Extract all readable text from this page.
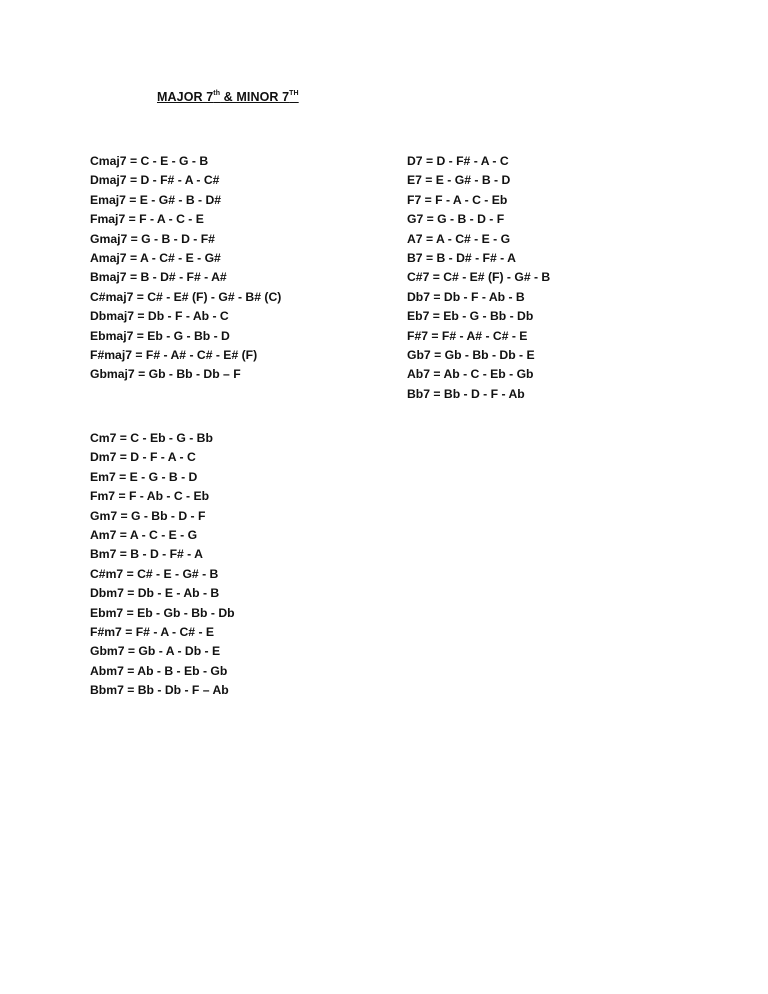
MAJOR 7th & MINOR 7TH
Cmaj7 = C - E - G - B
Dmaj7 = D - F# - A - C#
Emaj7 = E - G# - B - D#
Fmaj7 = F - A - C - E
Gmaj7 = G - B - D - F#
Amaj7 = A - C# - E - G#
Bmaj7 = B - D# - F# - A#
C#maj7 = C# - E# (F) - G# - B# (C)
Dbmaj7 = Db - F - Ab - C
Ebmaj7 = Eb - G - Bb - D
F#maj7 = F# - A# - C# - E# (F)
Gbmaj7 = Gb - Bb - Db – F
D7 = D - F# - A - C
E7 = E - G# - B - D
F7 = F - A - C - Eb
G7 = G - B - D - F
A7 = A - C# - E - G
B7 = B - D# - F# - A
C#7 = C# - E# (F) - G# - B
Db7 = Db - F - Ab - B
Eb7 = Eb - G - Bb - Db
F#7 = F# - A# - C# - E
Gb7 = Gb - Bb - Db - E
Ab7 = Ab - C - Eb - Gb
Bb7 = Bb - D - F - Ab
Cm7 = C - Eb - G - Bb
Dm7 = D - F - A - C
Em7 = E - G - B - D
Fm7 = F - Ab - C - Eb
Gm7 = G - Bb - D - F
Am7 = A - C - E - G
Bm7 = B - D - F# - A
C#m7 = C# - E - G# - B
Dbm7 = Db - E - Ab - B
Ebm7 = Eb - Gb - Bb - Db
F#m7 = F# - A - C# - E
Gbm7 = Gb - A - Db - E
Abm7 = Ab - B - Eb - Gb
Bbm7 = Bb - Db - F – Ab
